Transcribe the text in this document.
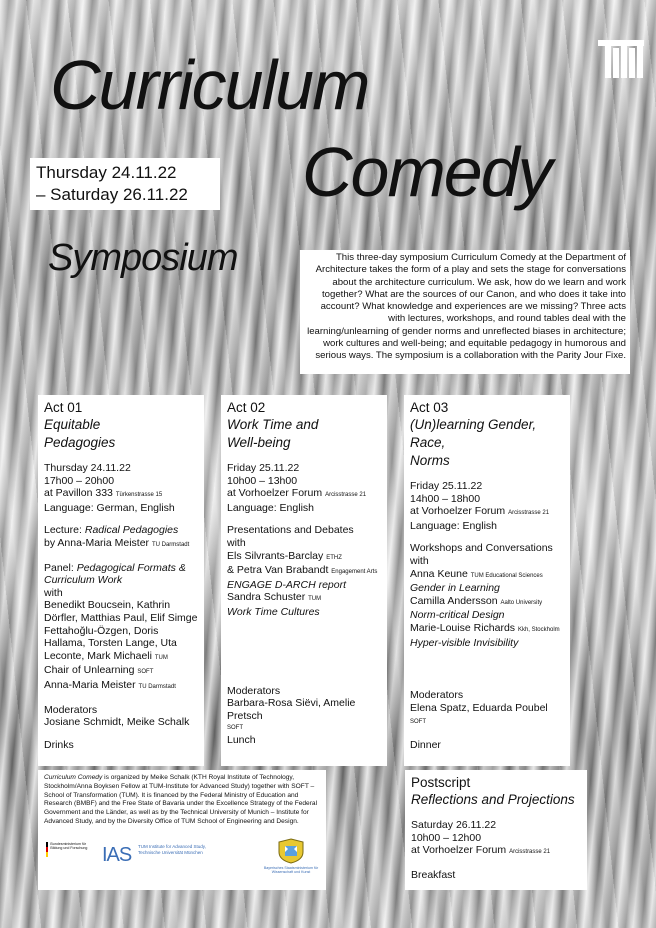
Curriculum
Comedy
Thursday 24.11.22
– Saturday 26.11.22
Symposium	This three-day symposium Curriculum Comedy at the Department of Architecture takes the form of a play and sets the stage for conversations about the architecture curriculum. We ask, how do we learn and work together? What are the sources of our Canon, and who does it take into account? What knowledge and experiences are we missing? Three acts with lectures, workshops, and round tables deal with the learning/unlearning of gender norms and unreflected biases in architecture; work cultures and well-being; and equitable pedagogy in humorous and serious ways. The symposium is a collaboration with the Parity Jour Fixe.
Act 01
Equitable
Pedagogies
Thursday 24.11.22
17h00 – 20h00
at Pavillon 333 Türkenstrasse 15
Language: German, English
Lecture: Radical Pedagogies
by Anna-Maria Meister TU Darmstadt
Panel: Pedagogical Formats & Curriculum Work
with
Benedikt Boucsein, Kathrin Dörfler, Matthias Paul, Elif Simge Fettahoğlu-Özgen, Doris Hallama, Torsten Lange, Uta Leconte, Mark Michaeli TUM
Chair of Unlearning SOFT
Anna-Maria Meister TU Darmstadt
Moderators
Josiane Schmidt, Meike Schalk
Drinks
Act 02
Work Time and
Well-being
Friday 25.11.22
10h00 – 13h00
at Vorhoelzer Forum Arcisstrasse 21
Language: English
Presentations and Debates
with
Els Silvrants-Barclay ETHZ
& Petra Van Brabandt Engagement Arts
ENGAGE D-ARCH report
Sandra Schuster TUM
Work Time Cultures
Moderators
Barbara-Rosa Siëvi, Amelie Pretsch
SOFT
Lunch
Act 03
(Un)learning Gender, Race,
Norms
Friday 25.11.22
14h00 – 18h00
at Vorhoelzer Forum Arcisstrasse 21
Language: English
Workshops and Conversations
with
Anna Keune TUM Educational Sciences
Gender in Learning
Camilla Andersson Aalto University
Norm-critical Design
Marie-Louise Richards Kkh, Stockholm
Hyper-visible Invisibility
Moderators
Elena Spatz, Eduarda Poubel SOFT
Dinner
Curriculum Comedy is organized by Meike Schalk (KTH Royal Institute of Technology, Stockholm/Anna Boyksen Fellow at TUM-Institute for Advanced Study) together with SOFT – School of Transformation (TUM). It is financed by the Federal Ministry of Education and Research (BMBF) and the Free State of Bavaria under the Excellence Strategy of the Federal Government and the Länder, as well as by the Technical University of Munich – Institute for Advanced Study, and by the Diversity Office of TUM School of Engineering and Design.
Bundesministerium für Bildung und Forschung IAS TUM Institute for Advanced Study, Technische Universität München
Bayerisches Staatsministerium für Wissenschaft und Kunst
Postscript
Reflections and Projections
Saturday 26.11.22
10h00 – 12h00
at Vorhoelzer Forum Arcisstrasse 21
Breakfast
